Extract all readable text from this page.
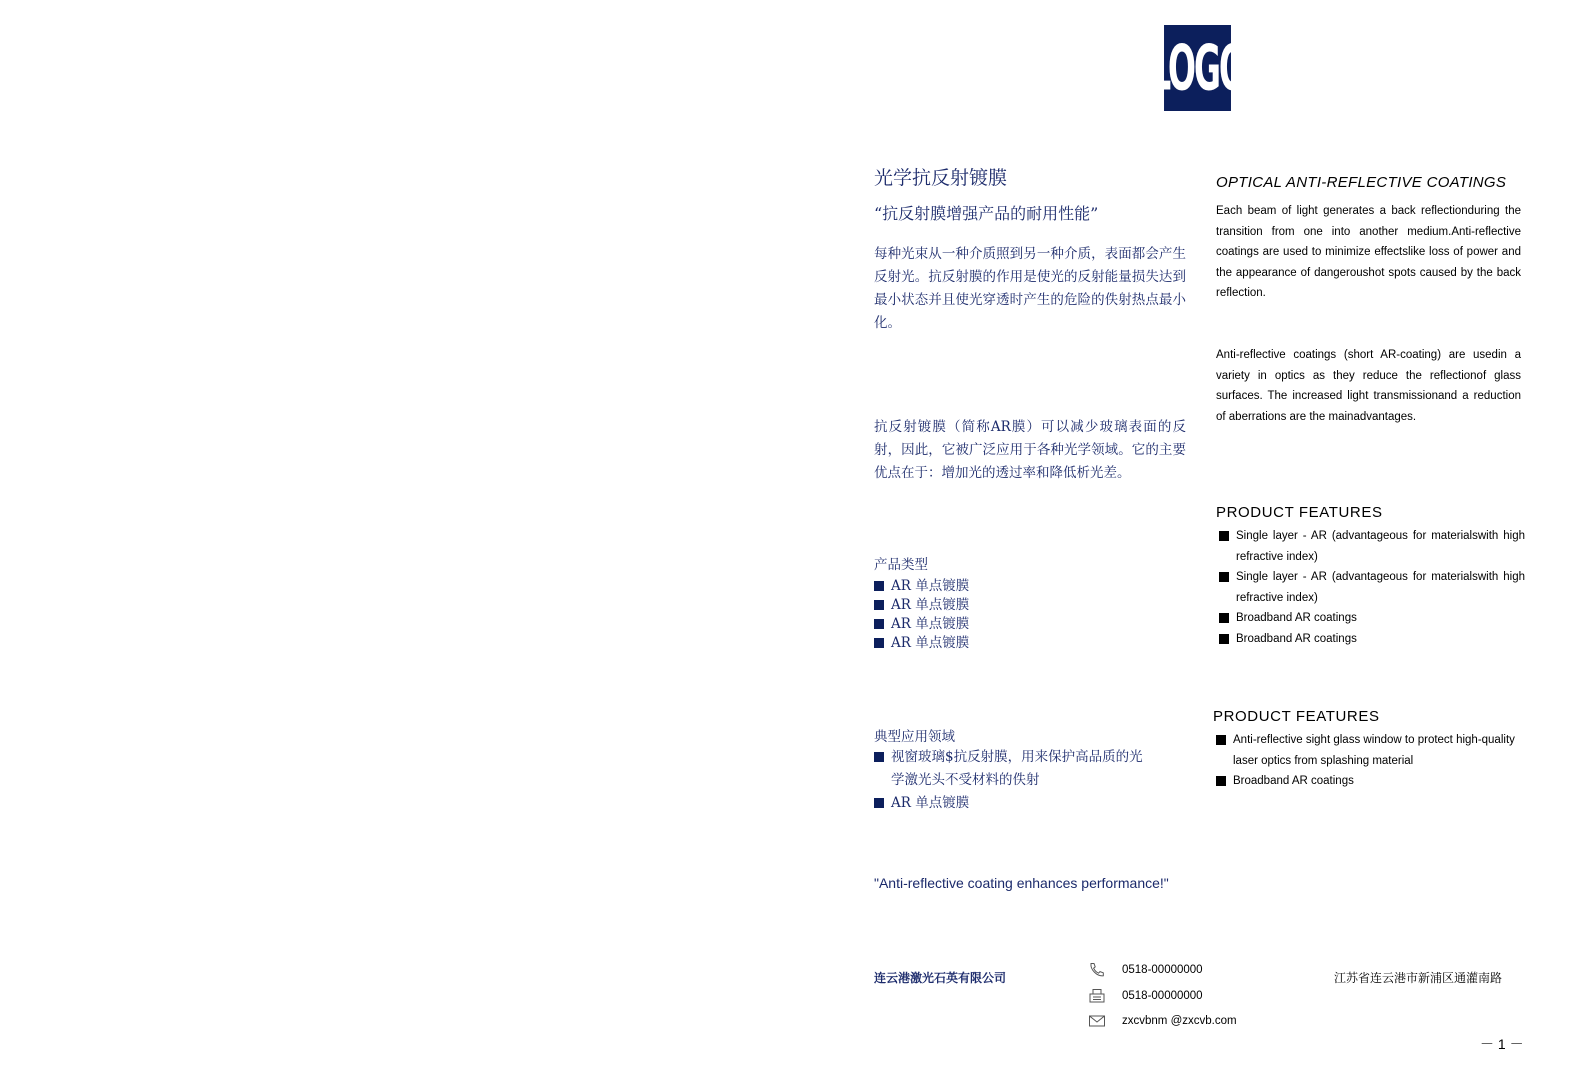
LOGO
光学抗反射镀膜
“抗反射膜增强产品的耐用性能”
每种光束从一种介质照到另一种介质，表面都会产生反射光。抗反射膜的作用是使光的反射能量损失达到最小状态并且使光穿透时产生的危险的佚射热点最小化。
抗反射镀膜（简称AR膜）可以减少玻璃表面的反射，因此，它被广泛应用于各种光学领域。它的主要优点在于：增加光的透过率和降低析光差。
产品类型
AR 单点镀膜
AR 单点镀膜
AR 单点镀膜
AR 单点镀膜
典型应用领域
视窗玻璃$抗反射膜，用来保护高品质的光学激光头不受材料的佚射
AR 单点镀膜
"Anti-reflective coating enhances performance!"
OPTICAL ANTI-REFLECTIVE COATINGS
Each beam of light generates a back reflectionduring the transition from one into another medium.Anti-reflective coatings are used to minimize effectslike loss of power and the appearance of dangeroushot spots caused by the back reflection.
Anti-reflective coatings (short AR-coating) are usedin a variety in optics as they reduce the reflectionof glass surfaces. The increased light transmissionand a reduction of aberrations are the mainadvantages.
PRODUCT FEATURES
Single layer - AR (advantageous for materialswith high refractive index)
Single layer - AR (advantageous for materialswith high refractive index)
Broadband AR coatings
Broadband AR coatings
PRODUCT FEATURES
Anti-reflective sight glass window to protect high-quality laser optics from splashing material
Broadband AR coatings
连云港激光石英有限公司
0518-00000000
0518-00000000
zxcvbnm @zxcvb.com
江苏省连云港市新浦区通灌南路
－ 1 －
